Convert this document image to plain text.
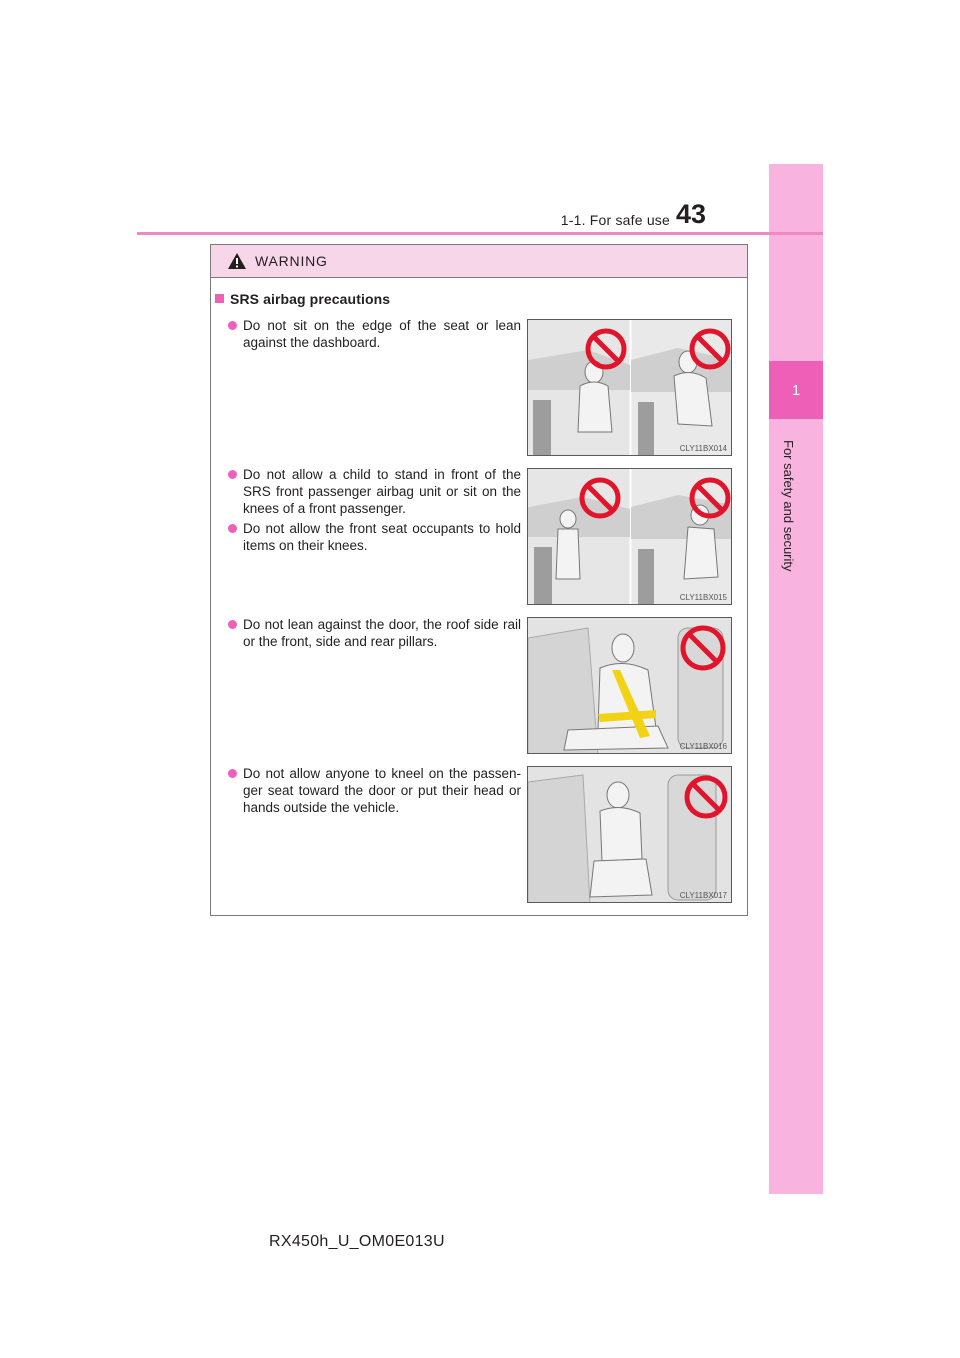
1
For safety and security
1-1. For safe use 43
WARNING
SRS airbag precautions
Do not sit on the edge of the seat or lean against the dashboard.
Do not allow a child to stand in front of the SRS front passenger airbag unit or sit on the knees of a front passenger.
Do not allow the front seat occupants to hold items on their knees.
Do not lean against the door, the roof side rail or the front, side and rear pillars.
Do not allow anyone to kneel on the passen- ger seat toward the door or put their head or hands outside the vehicle.
CLY11BX014
CLY11BX015
CLY11BX016
CLY11BX017
RX450h_U_OM0E013U
